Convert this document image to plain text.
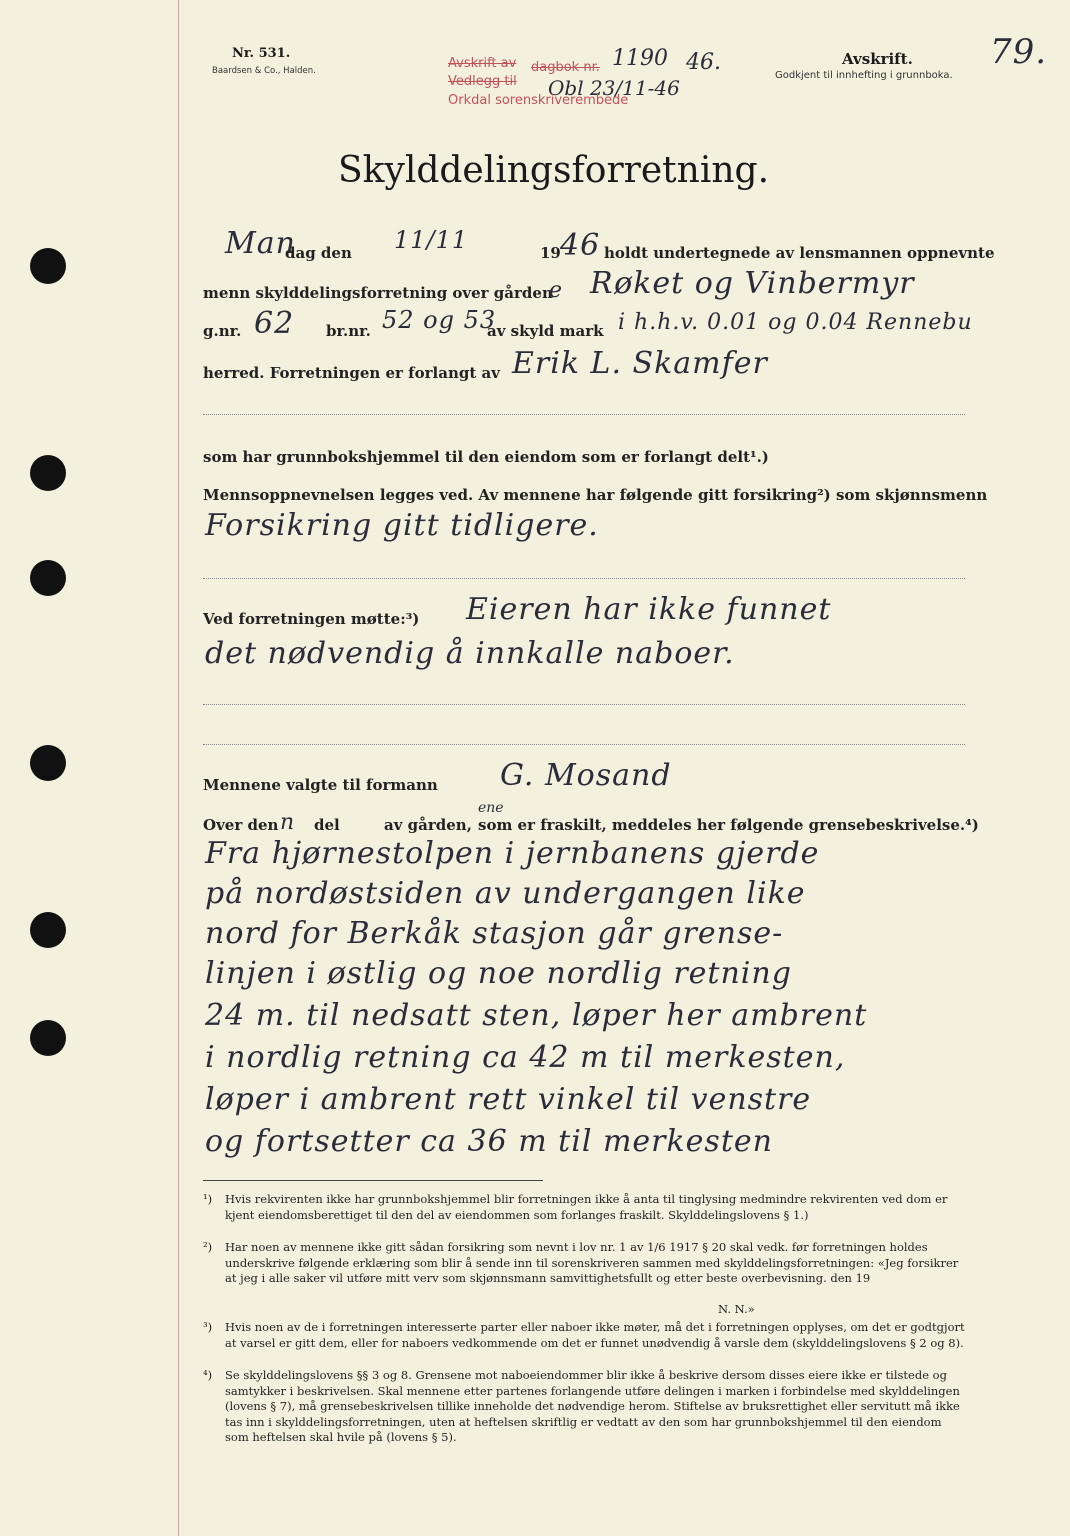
Nr. 531.
Baardsen & Co., Halden.	Avskrift av dagbok nr. 1190 46.
Vedlegg til Obl 23/11-46
Orkdal sorenskriverembede
Avskrift.
Godkjent til innhefting i grunnboka.
79.
Skylddelingsforretning.
Man
dag den 11/11	19 46 holdt undertegnede av lensmannen oppnevnte
menn skylddelingsforretning over gården
e Røket og Vinbermyr
g.nr. 62 br.nr. 52 og 53
av skyld mark i h.h.v. 0.01 og 0.04 Rennebu
herred. Forretningen er forlangt av Erik L. Skamfer
som har grunnbokshjemmel til den eiendom som er forlangt delt¹.)
Mennsoppnevnelsen legges ved. Av mennene har følgende gitt forsikring²) som skjønnsmenn
Forsikring gitt tidligere.
Ved forretningen møtte:³) Eieren har ikke funnet
det nødvendig å innkalle naboer.
Mennene valgte til formann G. Mosand
Over den n del	av gården,
ene
som er fraskilt, meddeles her følgende grensebeskrivelse.⁴)
Fra hjørnestolpen i jernbanens gjerde
på nordøstsiden av undergangen like
nord for Berkåk stasjon går grense-
linjen i østlig og noe nordlig retning
24 m. til nedsatt sten, løper her ambrent
i nordlig retning ca 42 m til merkesten,
løper i ambrent rett vinkel til venstre
og fortsetter ca 36 m til merkesten
¹) Hvis rekvirenten ikke har grunnbokshjemmel blir forretningen ikke å anta til tinglysing medmindre rekvirenten ved dom er kjent eiendomsberettiget til den del av eiendommen som forlanges fraskilt. Skylddelingslovens § 1.)
²) Har noen av mennene ikke gitt sådan forsikring som nevnt i lov nr. 1 av 1/6 1917 § 20 skal vedk. før forretningen holdes underskrive følgende erklæring som blir å sende inn til sorenskriveren sammen med skylddelingsforretningen: «Jeg forsikrer at jeg i alle saker vil utføre mitt verv som skjønnsmann samvittighetsfullt og etter beste overbevisning. den 19
N. N.»
³) Hvis noen av de i forretningen interesserte parter eller naboer ikke møter, må det i forretningen opplyses, om det er godtgjort at varsel er gitt dem, eller for naboers vedkommende om det er funnet unødvendig å varsle dem (skylddelingslovens § 2 og 8).
⁴) Se skylddelingslovens §§ 3 og 8. Grensene mot naboeiendommer blir ikke å beskrive dersom disses eiere ikke er tilstede og samtykker i beskrivelsen. Skal mennene etter partenes forlangende utføre delingen i marken i forbindelse med skylddelingen (lovens § 7), må grensebeskrivelsen tillike inneholde det nødvendige herom. Stiftelse av bruksrettighet eller servitutt må ikke tas inn i skylddelingsforretningen, uten at heftelsen skriftlig er vedtatt av den som har grunnbokshjemmel til den eiendom som heftelsen skal hvile på (lovens § 5).
